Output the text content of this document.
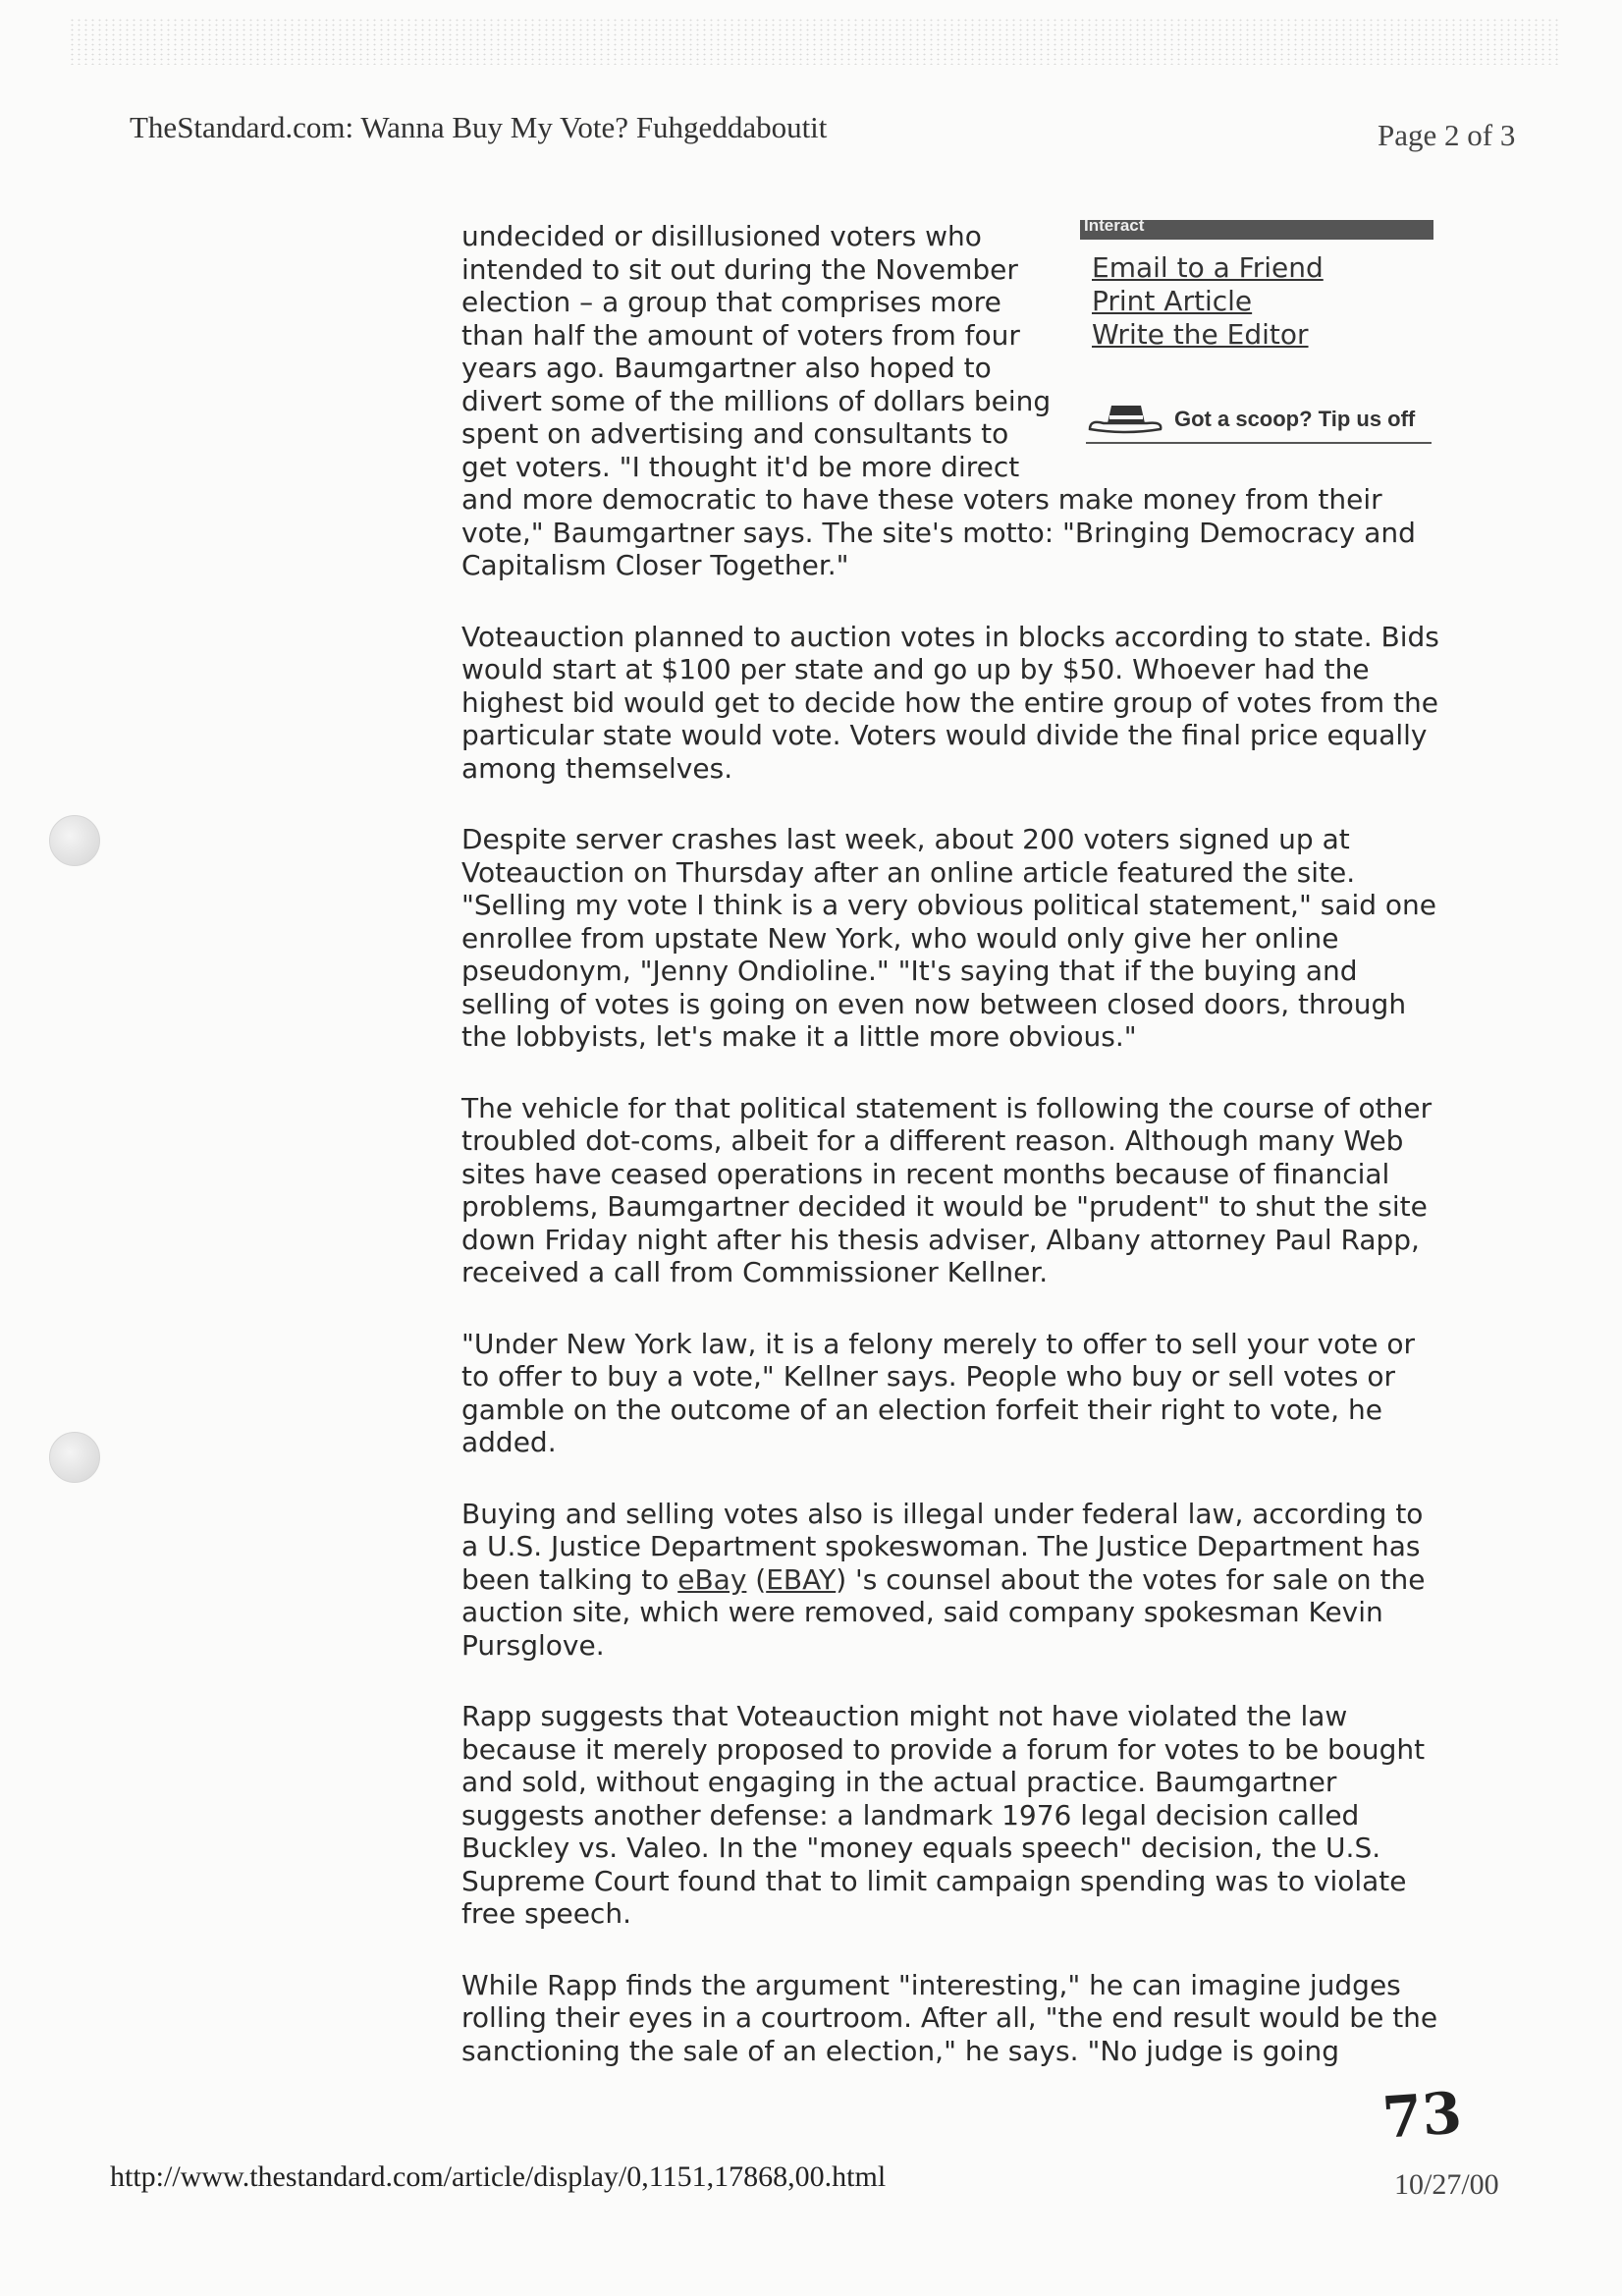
TheStandard.com: Wanna Buy My Vote? Fuhgeddaboutit	Page 2 of 3
Interact
Email to a Friend
Print Article
Write the Editor
Got a scoop? Tip us off

undecided or disillusioned voters who intended to sit out during the November election – a group that comprises more than half the amount of voters from four years ago. Baumgartner also hoped to divert some of the millions of dollars being spent on advertising and consultants to get voters. "I thought it'd be more direct and more democratic to have these voters make money from their vote," Baumgartner says. The site's motto: "Bringing Democracy and Capitalism Closer Together."

Voteauction planned to auction votes in blocks according to state. Bids would start at $100 per state and go up by $50. Whoever had the highest bid would get to decide how the entire group of votes from the particular state would vote. Voters would divide the final price equally among themselves.

Despite server crashes last week, about 200 voters signed up at Voteauction on Thursday after an online article featured the site. "Selling my vote I think is a very obvious political statement," said one enrollee from upstate New York, who would only give her online pseudonym, "Jenny Ondioline." "It's saying that if the buying and selling of votes is going on even now between closed doors, through the lobbyists, let's make it a little more obvious."

The vehicle for that political statement is following the course of other troubled dot-coms, albeit for a different reason. Although many Web sites have ceased operations in recent months because of financial problems, Baumgartner decided it would be "prudent" to shut the site down Friday night after his thesis adviser, Albany attorney Paul Rapp, received a call from Commissioner Kellner.

"Under New York law, it is a felony merely to offer to sell your vote or to offer to buy a vote," Kellner says. People who buy or sell votes or gamble on the outcome of an election forfeit their right to vote, he added.

Buying and selling votes also is illegal under federal law, according to a U.S. Justice Department spokeswoman. The Justice Department has been talking to eBay (EBAY) 's counsel about the votes for sale on the auction site, which were removed, said company spokesman Kevin Pursglove.

Rapp suggests that Voteauction might not have violated the law because it merely proposed to provide a forum for votes to be bought and sold, without engaging in the actual practice. Baumgartner suggests another defense: a landmark 1976 legal decision called Buckley vs. Valeo. In the "money equals speech" decision, the U.S. Supreme Court found that to limit campaign spending was to violate free speech.

While Rapp finds the argument "interesting," he can imagine judges rolling their eyes in a courtroom. After all, "the end result would be the sanctioning the sale of an election," he says. "No judge is going

73
http://www.thestandard.com/article/display/0,1151,17868,00.html	10/27/00
